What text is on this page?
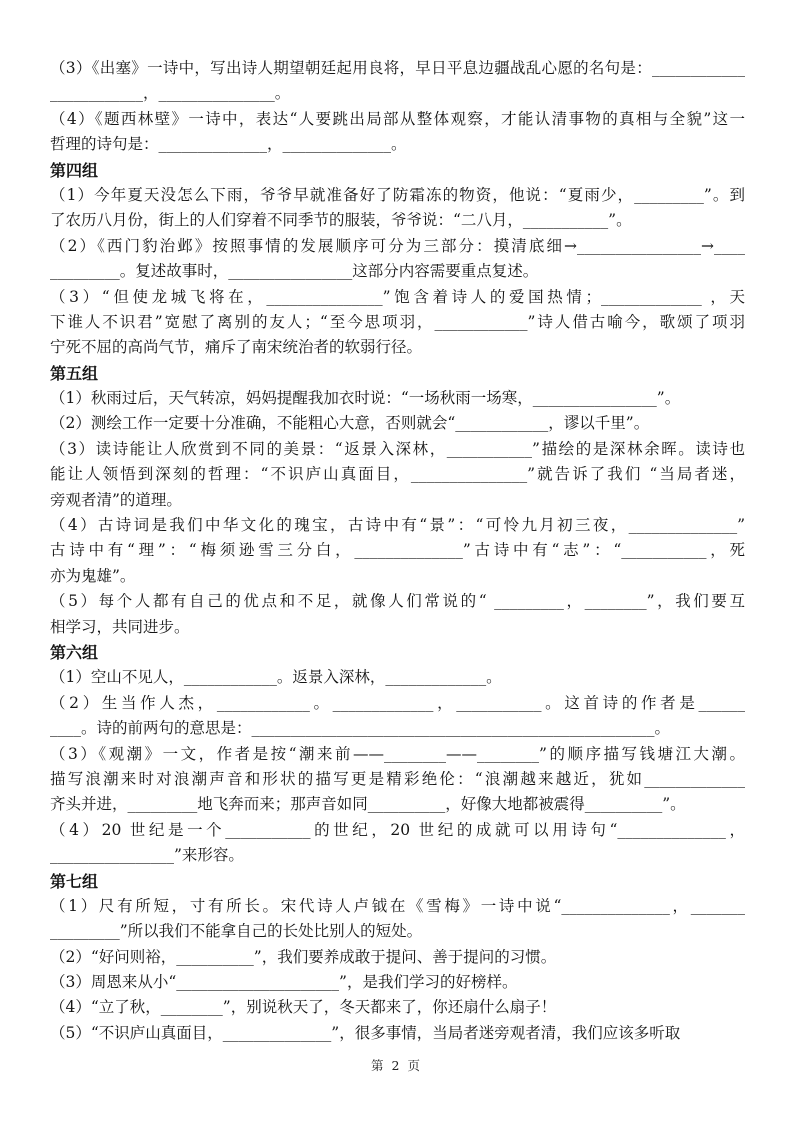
（3）《出塞》一诗中，写出诗人期望朝廷起用良将，早日平息边疆战乱心愿的名句是：____________
____________，_______________。
（4）《题西林壁》一诗中，表达“人要跳出局部从整体观察，才能认清事物的真相与全貌”这一
哲理的诗句是：______________，______________。
第四组
（1）今年夏天没怎么下雨，爷爷早就准备好了防霜冻的物资，他说：“夏雨少，_________”。到
了农历八月份，街上的人们穿着不同季节的服装，爷爷说：“二八月，___________”。
（2）《西门豹治邺》按照事情的发展顺序可分为三部分：摸清底细→________________→____
_________。复述故事时，________________这部分内容需要重点复述。
（3）“但使龙城飞将在，_______________”饱含着诗人的爱国热情；_____________ ，天
下谁人不识君”宽慰了离别的友人；“至今思项羽，____________”诗人借古喻今，歌颂了项羽
宁死不屈的高尚气节，痛斥了南宋统治者的软弱行径。
第五组
（1）秋雨过后，天气转凉，妈妈提醒我加衣时说：“一场秋雨一场寒，________________”。
（2）测绘工作一定要十分准确，不能粗心大意，否则就会“____________，谬以千里”。
（3）读诗能让人欣赏到不同的美景：“返景入深林，___________”描绘的是深林余晖。读诗也
能让人领悟到深刻的哲理：“不识庐山真面目，_______________”就告诉了我们 “当局者迷，
旁观者清”的道理。
（4）古诗词是我们中华文化的瑰宝，古诗中有“景”：“可怜九月初三夜，______________”
古诗中有“理”：“梅须逊雪三分白，______________”古诗中有“志”：“___________，死
亦为鬼雄”。
（5）每个人都有自己的优点和不足，就像人们常说的“ _________，________”，我们要互
相学习，共同进步。
第六组
（1）空山不见人，____________。返景入深林，_____________。
（2）生当作人杰，____________。_____________，___________。这首诗的作者是______
____。诗的前两句的意思是：____________________________________________________。
（3）《观潮》一文，作者是按“潮来前——________——________”的顺序描写钱塘江大潮。
描写浪潮来时对浪潮声音和形状的描写更是精彩绝伦：“浪潮越来越近，犹如_____________
齐头并进，_________地飞奔而来；那声音如同__________，好像大地都被震得__________”。
（4）20 世纪是一个___________的世纪，20 世纪的成就可以用诗句“______________，
________________”来形容。
第七组
（1）尺有所短，寸有所长。宋代诗人卢钺在《雪梅》一诗中说“______________，_______
_________”所以我们不能拿自己的长处比别人的短处。
（2）“好问则裕，__________”，我们要养成敢于提问、善于提问的习惯。
（3）周恩来从小“_____________________”，是我们学习的好榜样。
（4）“立了秋，________”，别说秋天了，冬天都来了，你还扇什么扇子！
（5）“不识庐山真面目，______________”，很多事情，当局者迷旁观者清，我们应该多听取
第 2 页
